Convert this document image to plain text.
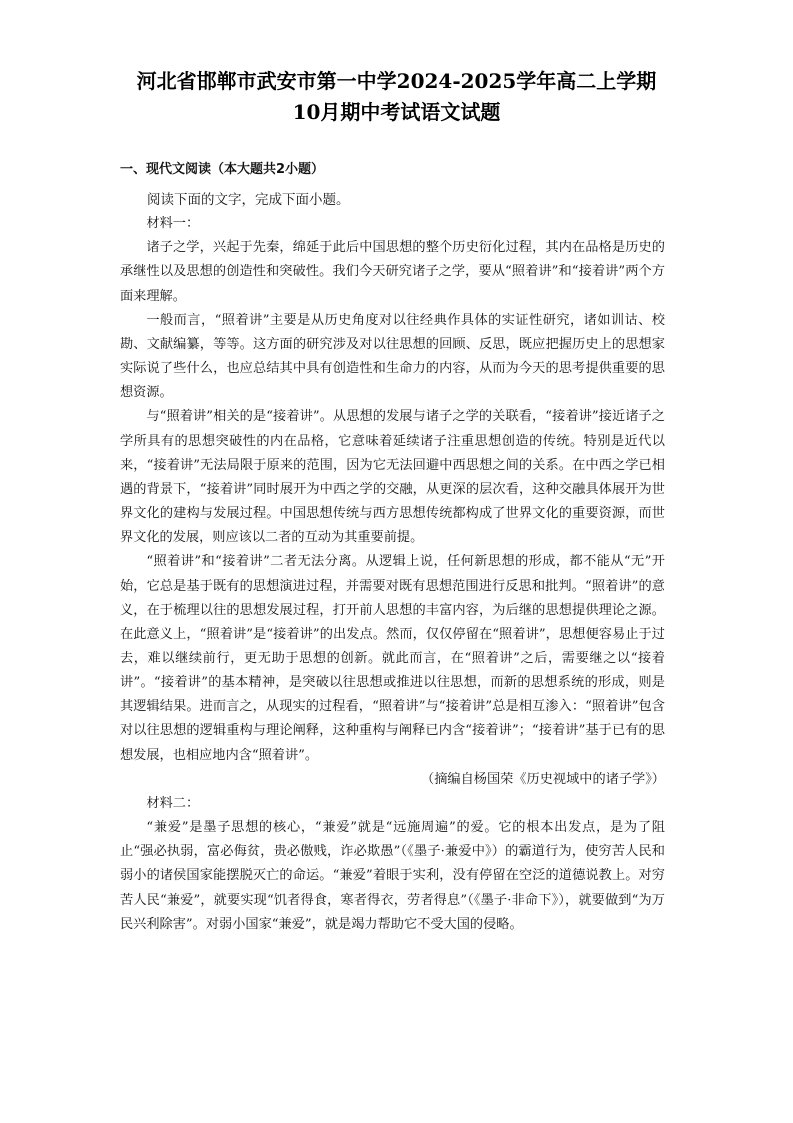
河北省邯郸市武安市第一中学2024-2025学年高二上学期
10月期中考试语文试题
一、现代文阅读（本大题共2小题）

阅读下面的文字，完成下面小题。

材料一：

诸子之学，兴起于先秦，绵延于此后中国思想的整个历史衍化过程，其内在品格是历史的承继性以及思想的创造性和突破性。我们今天研究诸子之学，要从“照着讲”和“接着讲”两个方面来理解。

一般而言，“照着讲”主要是从历史角度对以往经典作具体的实证性研究，诸如训诂、校勘、文献编纂，等等。这方面的研究涉及对以往思想的回顾、反思，既应把握历史上的思想家实际说了些什么，也应总结其中具有创造性和生命力的内容，从而为今天的思考提供重要的思想资源。

与“照着讲”相关的是“接着讲”。从思想的发展与诸子之学的关联看，“接着讲”接近诸子之学所具有的思想突破性的内在品格，它意味着延续诸子注重思想创造的传统。特别是近代以来，“接着讲”无法局限于原来的范围，因为它无法回避中西思想之间的关系。在中西之学已相遇的背景下，“接着讲”同时展开为中西之学的交融，从更深的层次看，这种交融具体展开为世界文化的建构与发展过程。中国思想传统与西方思想传统都构成了世界文化的重要资源，而世界文化的发展，则应该以二者的互动为其重要前提。

“照着讲”和“接着讲”二者无法分离。从逻辑上说，任何新思想的形成，都不能从“无”开始，它总是基于既有的思想演进过程，并需要对既有思想范围进行反思和批判。“照着讲”的意义，在于梳理以往的思想发展过程，打开前人思想的丰富内容，为后继的思想提供理论之源。在此意义上，“照着讲”是“接着讲”的出发点。然而，仅仅停留在“照着讲”，思想便容易止于过去，难以继续前行，更无助于思想的创新。就此而言，在“照着讲”之后，需要继之以“接着讲”。“接着讲”的基本精神，是突破以往思想或推进以往思想，而新的思想系统的形成，则是其逻辑结果。进而言之，从现实的过程看，“照着讲”与“接着讲”总是相互渗入：“照着讲”包含对以往思想的逻辑重构与理论阐释，这种重构与阐释已内含“接着讲”；“接着讲”基于已有的思想发展，也相应地内含“照着讲”。

（摘编自杨国荣《历史视域中的诸子学》）

材料二：

“兼爱”是墨子思想的核心，“兼爱”就是“远施周遍”的爱。它的根本出发点，是为了阻止“强必执弱，富必侮贫，贵必傲贱，诈必欺愚”（《墨子·兼爱中》）的霸道行为，使穷苦人民和弱小的诸侯国家能摆脱灭亡的命运。“兼爱”着眼于实利，没有停留在空泛的道德说教上。对穷苦人民“兼爱”，就要实现“饥者得食，寒者得衣，劳者得息”（《墨子·非命下》），就要做到“为万民兴利除害”。对弱小国家“兼爱”，就是竭力帮助它不受大国的侵略。
